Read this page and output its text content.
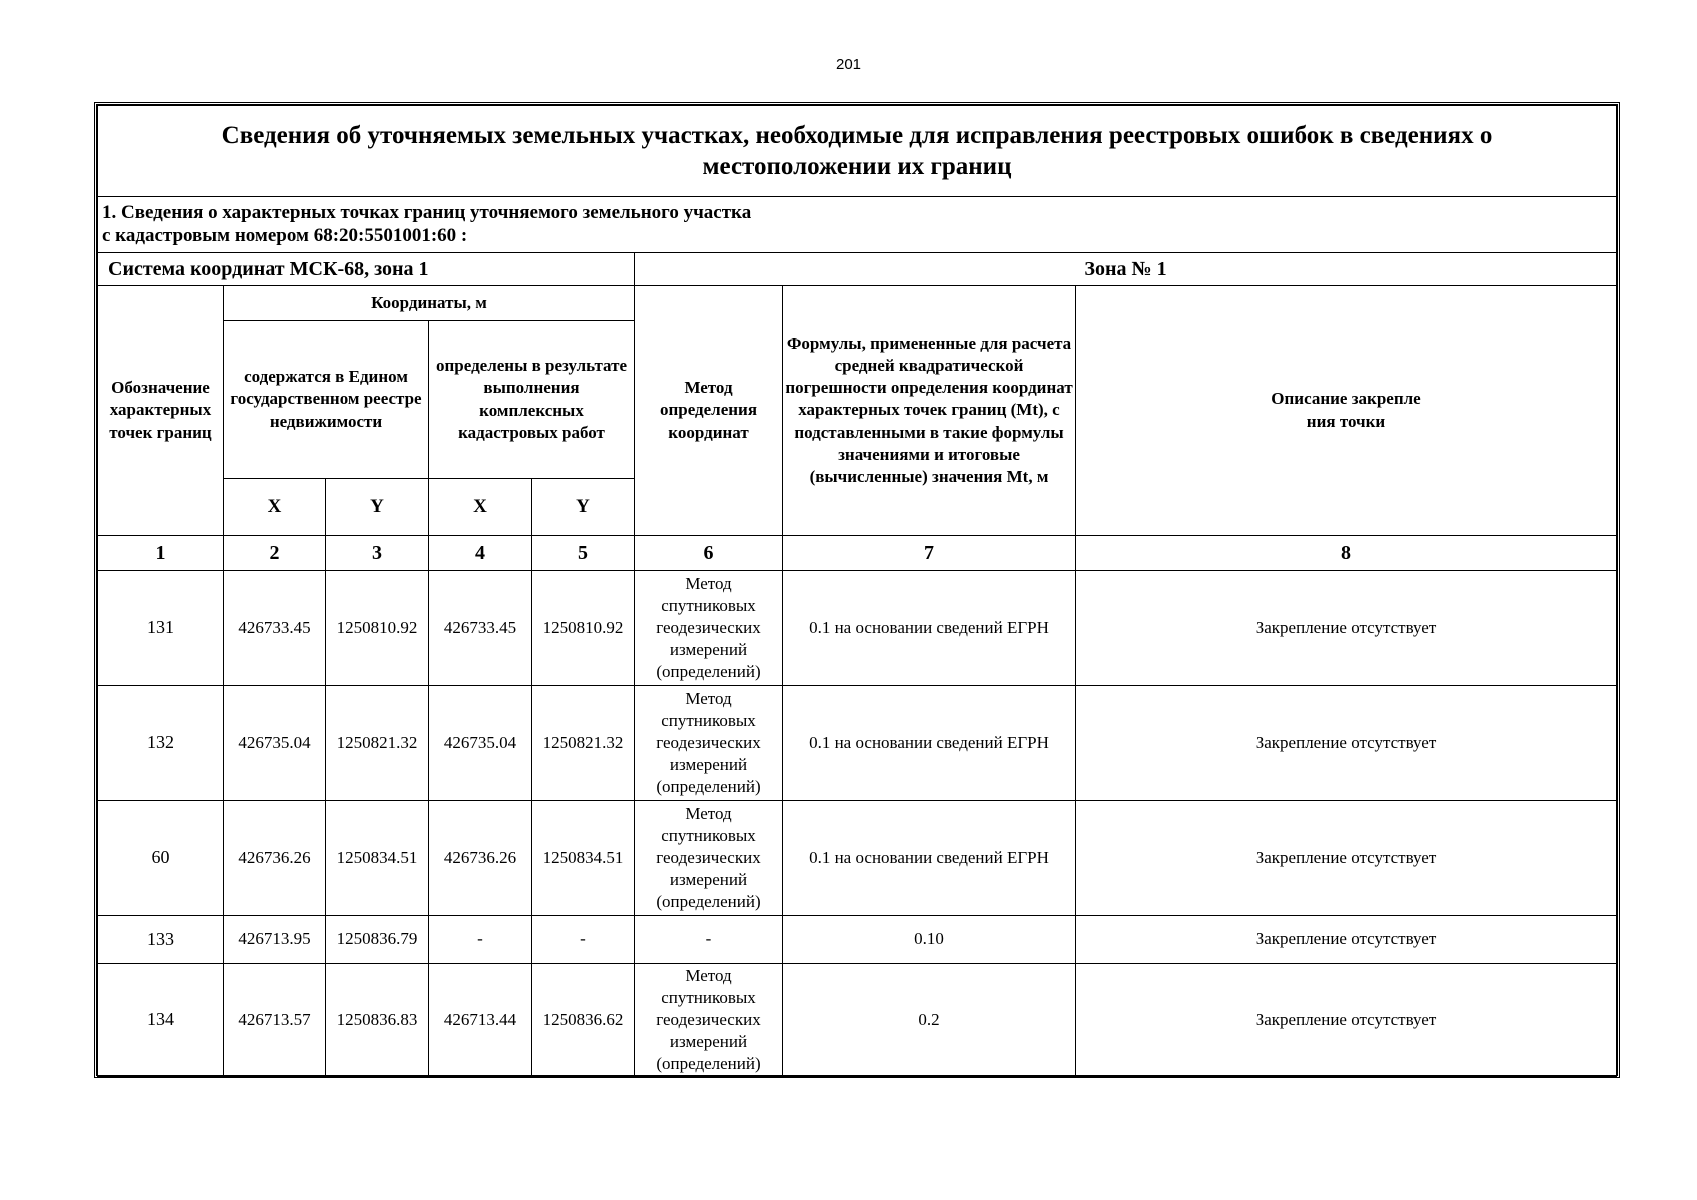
201
Сведения об уточняемых земельных участках, необходимые для исправления реестровых ошибок в сведениях о местоположении их границ							

1. Сведения о характерных точках границ уточняемого земельного участка
с кадастровым номером 68:20:5501001:60 :							

Система координат МСК-68, зона 1					Зона № 1		
Обозначение характерных точек границ	Координаты, м				Метод определения координат	Формулы, примененные для расчета средней квадратической погрешности определения координат характерных точек границ (Mt), с подставленными в такие формулы значениями и итоговые (вычисленные) значения Mt, м	Описание закрепле
ния точки

	содержатся в Едином государственном реестре недвижимости		определены в результате выполнения комплексных кадастровых работ				
	X	Y	X	Y			
1	2	3	4	5	6	7	8
131	426733.45	1250810.92	426733.45	1250810.92	Метод спутниковых геодезических измерений (определений)	0.1 на основании сведений ЕГРН	Закрепление отсутствует
132	426735.04	1250821.32	426735.04	1250821.32	Метод спутниковых геодезических измерений (определений)	0.1 на основании сведений ЕГРН	Закрепление отсутствует
60	426736.26	1250834.51	426736.26	1250834.51	Метод спутниковых геодезических измерений (определений)	0.1 на основании сведений ЕГРН	Закрепление отсутствует
133	426713.95	1250836.79	-	-	-	0.10	Закрепление отсутствует
134	426713.57	1250836.83	426713.44	1250836.62	Метод спутниковых геодезических измерений (определений)	0.2	Закрепление отсутствует
